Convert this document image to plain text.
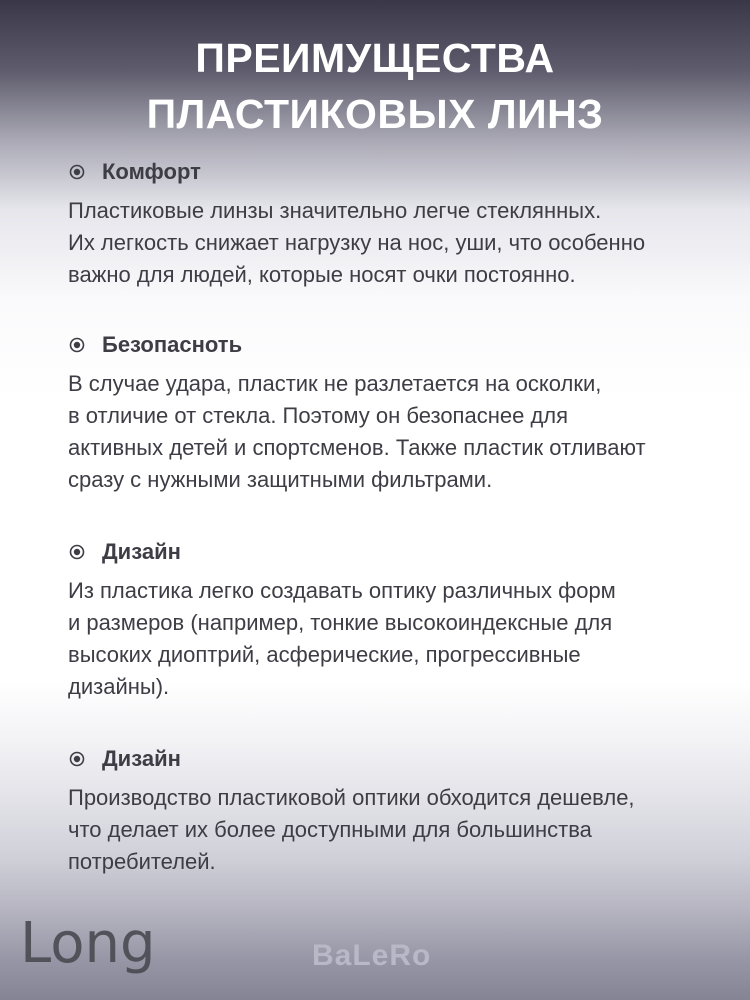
ПРЕИМУЩЕСТВА
ПЛАСТИКОВЫХ ЛИНЗ
Комфорт

Пластиковые линзы значительно легче стеклянных.
Их легкость снижает нагрузку на нос, уши, что особенно
важно для людей, которые носят очки постоянно.

Безопасноть

В случае удара, пластик не разлетается на осколки,
в отличие от стекла. Поэтому он безопаснее для
активных детей и спортсменов. Также пластик отливают
сразу с нужными защитными фильтрами.

Дизайн

Из пластика легко создавать оптику различных форм
и размеров (например, тонкие высокоиндексные для
высоких диоптрий, асферические, прогрессивные
дизайны).

Дизайн

Производство пластиковой оптики обходится дешевле,
что делает их более доступными для большинства
потребителей.

Long	BaLeRo
